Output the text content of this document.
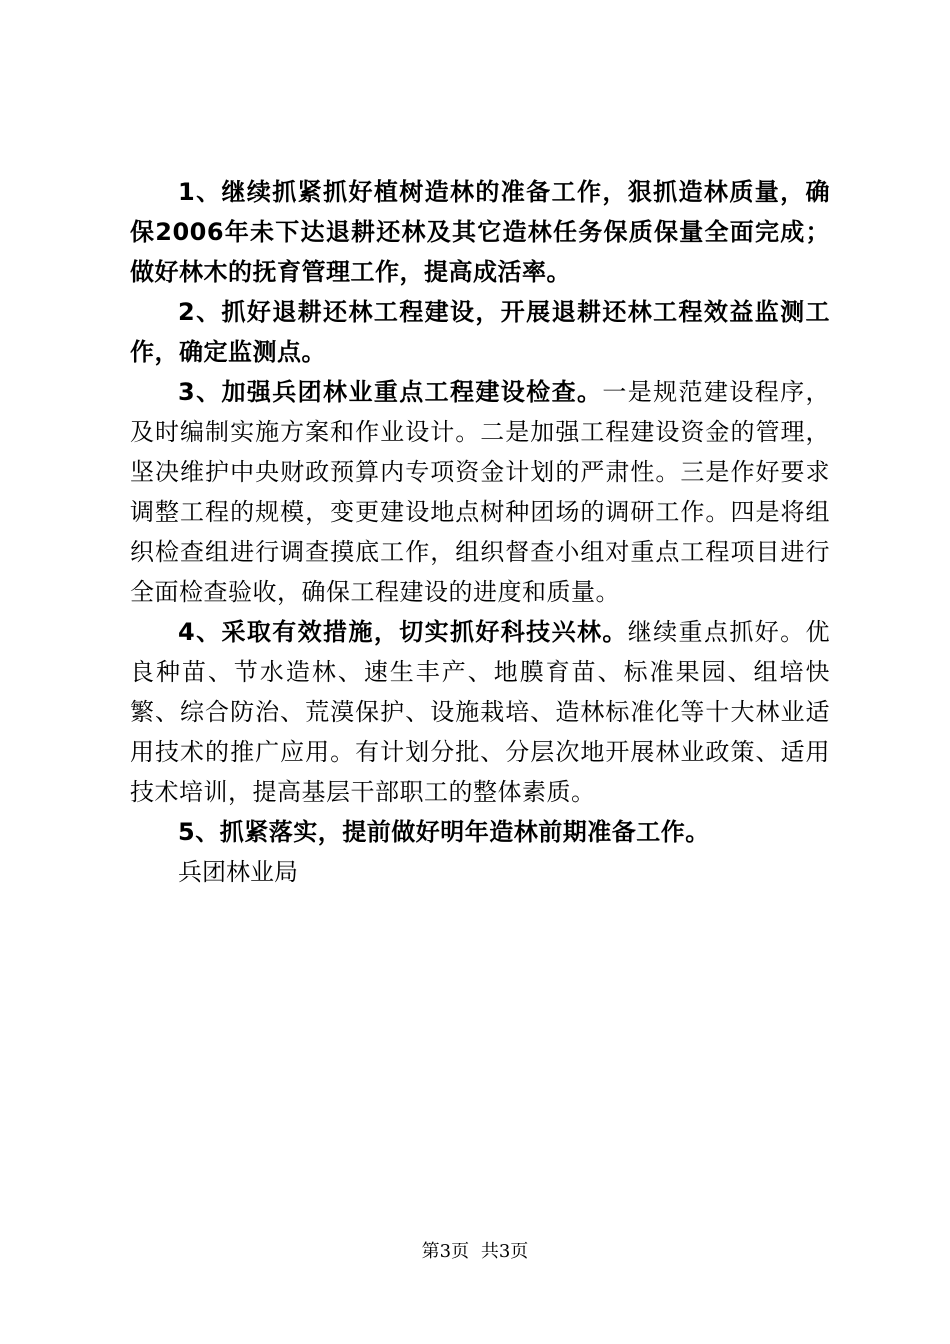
1、继续抓紧抓好植树造林的准备工作，狠抓造林质量，确保2006年未下达退耕还林及其它造林任务保质保量全面完成；做好林木的抚育管理工作，提高成活率。

2、抓好退耕还林工程建设，开展退耕还林工程效益监测工作，确定监测点。

3、加强兵团林业重点工程建设检查。一是规范建设程序，及时编制实施方案和作业设计。二是加强工程建设资金的管理，坚决维护中央财政预算内专项资金计划的严肃性。三是作好要求调整工程的规模，变更建设地点树种团场的调研工作。四是将组织检查组进行调查摸底工作，组织督查小组对重点工程项目进行全面检查验收，确保工程建设的进度和质量。

4、采取有效措施，切实抓好科技兴林。继续重点抓好。优良种苗、节水造林、速生丰产、地膜育苗、标准果园、组培快繁、综合防治、荒漠保护、设施栽培、造林标准化等十大林业适用技术的推广应用。有计划分批、分层次地开展林业政策、适用技术培训，提高基层干部职工的整体素质。

5、抓紧落实，提前做好明年造林前期准备工作。

兵团林业局

第3页 共3页
